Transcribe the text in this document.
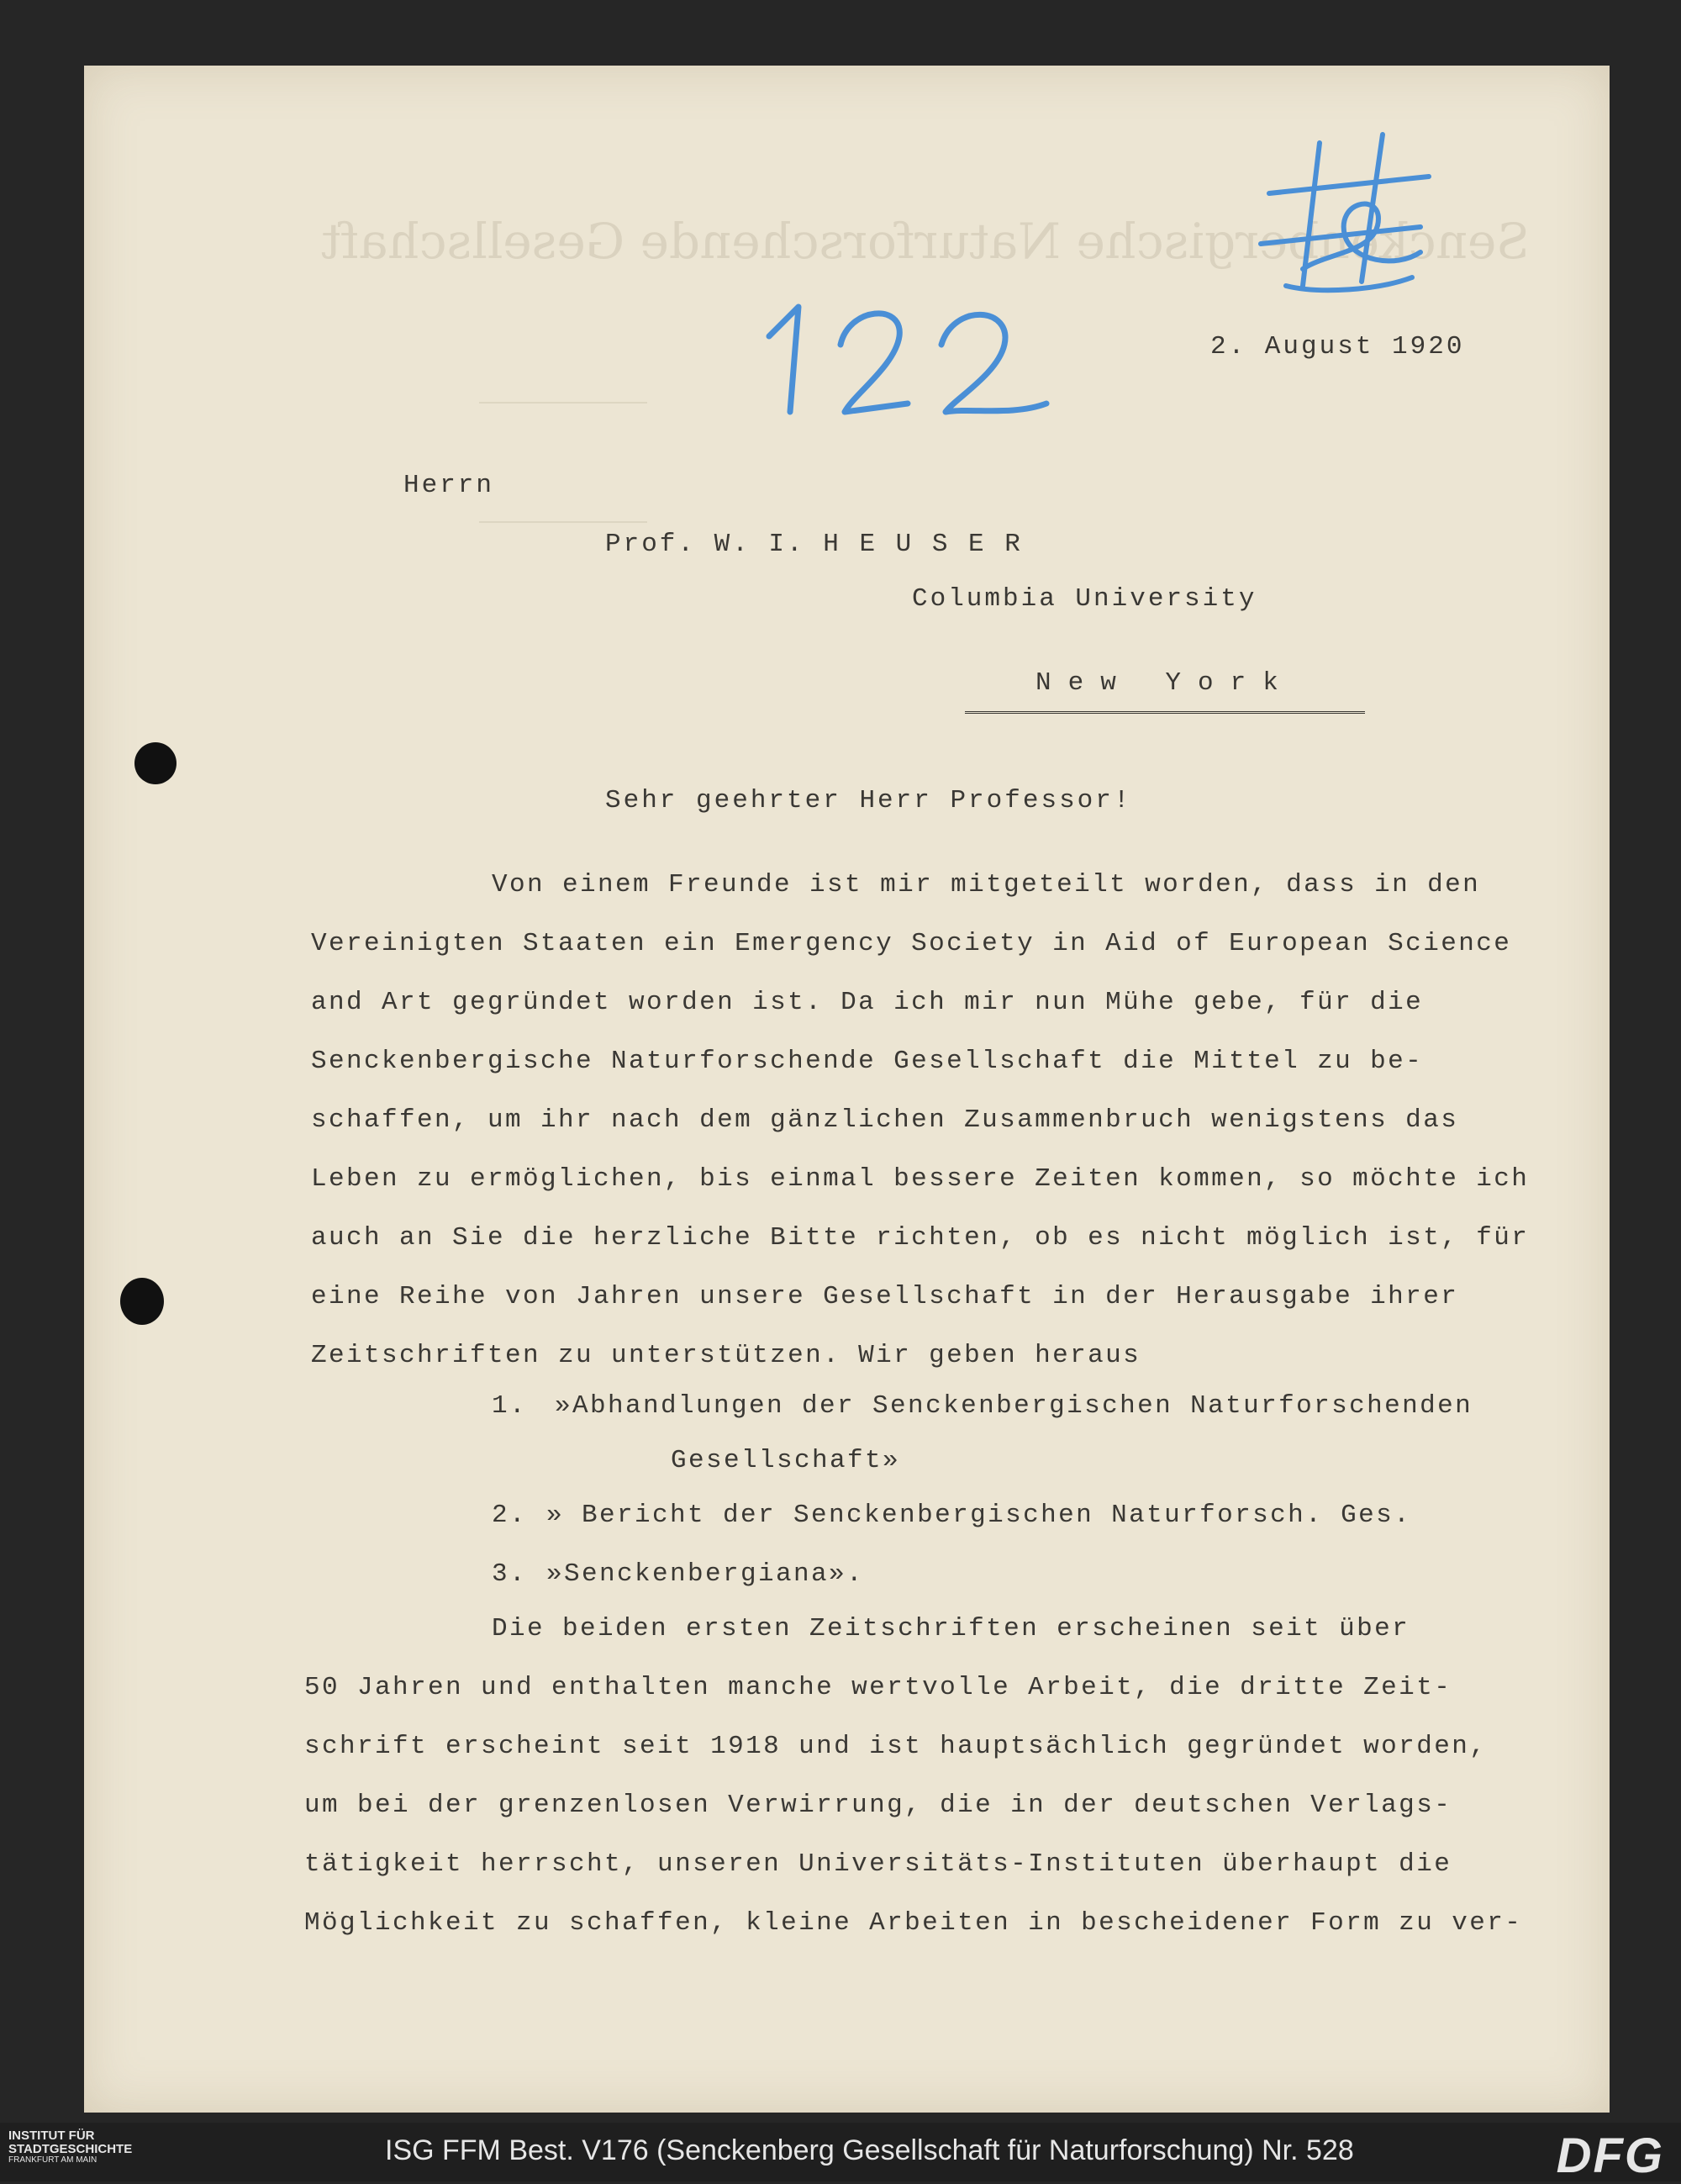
Senckenbergische Naturforschende Gesellschaft
2. August 1920
Herrn
Prof. W. I. H E U S E R
Columbia University
New York
Sehr geehrter Herr Professor!
Von einem Freunde ist mir mitgeteilt worden, dass in den
Vereinigten Staaten ein Emergency Society in Aid of European Science
and Art gegründet worden ist. Da ich mir nun Mühe gebe, für die
Senckenbergische Naturforschende Gesellschaft die Mittel zu be-
schaffen, um ihr nach dem gänzlichen Zusammenbruch wenigstens das
Leben zu ermöglichen, bis einmal bessere Zeiten kommen, so möchte ich
auch an Sie die herzliche Bitte richten, ob es nicht möglich ist, für
eine Reihe von Jahren unsere Gesellschaft in der Herausgabe ihrer
Zeitschriften zu unterstützen. Wir geben heraus
1. »Abhandlungen der Senckenbergischen Naturforschenden
Gesellschaft»
2. » Bericht der Senckenbergischen Naturforsch. Ges.
3. »Senckenbergiana».
Die beiden ersten Zeitschriften erscheinen seit über
50 Jahren und enthalten manche wertvolle Arbeit, die dritte Zeit-
schrift erscheint seit 1918 und ist hauptsächlich gegründet worden,
um bei der grenzenlosen Verwirrung, die in der deutschen Verlags-
tätigkeit herrscht, unseren Universitäts-Instituten überhaupt die
Möglichkeit zu schaffen, kleine Arbeiten in bescheidener Form zu ver-
INSTITUT FÜR
STADTGESCHICHTE
FRANKFURT AM MAIN	ISG FFM Best. V176 (Senckenberg Gesellschaft für Naturforschung) Nr. 528	DFG
